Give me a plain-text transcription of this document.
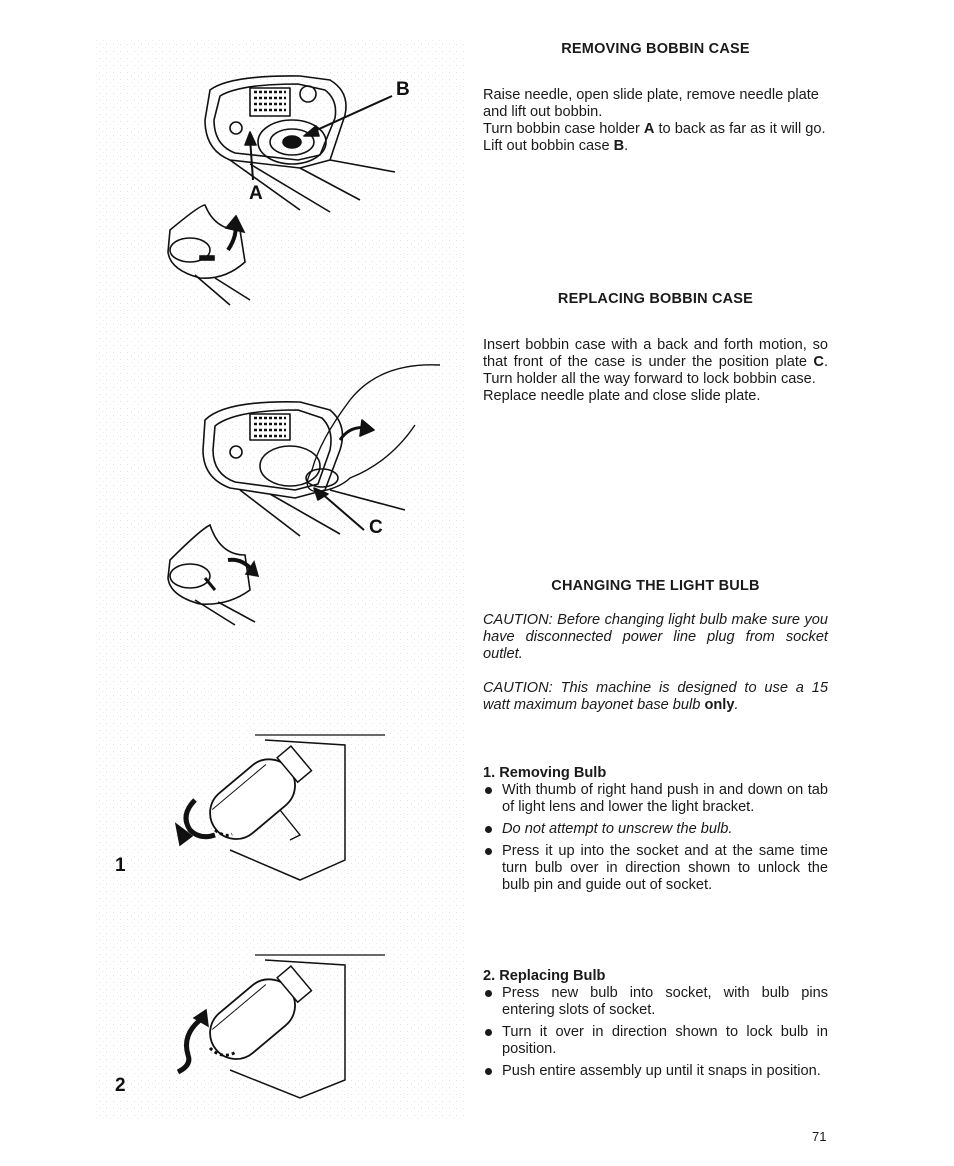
B
A
C
1
2
REMOVING BOBBIN CASE

Raise needle, open slide plate, remove needle plate and lift out bobbin.

Turn bobbin case holder A to back as far as it will go.

Lift out bobbin case B.

REPLACING BOBBIN CASE

Insert bobbin case with a back and forth motion, so that front of the case is under the position plate C. Turn holder all the way forward to lock bobbin case.

Replace needle plate and close slide plate.

CHANGING THE LIGHT BULB

CAUTION: Before changing light bulb make sure you have disconnected power line plug from socket outlet.

CAUTION: This machine is designed to use a 15 watt maximum bayonet base bulb only.

1. Removing Bulb
With thumb of right hand push in and down on tab of light lens and lower the light bracket.
Do not attempt to unscrew the bulb.
Press it up into the socket and at the same time turn bulb over in direction shown to unlock the bulb pin and guide out of socket.
2. Replacing Bulb
Press new bulb into socket, with bulb pins entering slots of socket.
Turn it over in direction shown to lock bulb in position.
Push entire assembly up until it snaps in position.
71
